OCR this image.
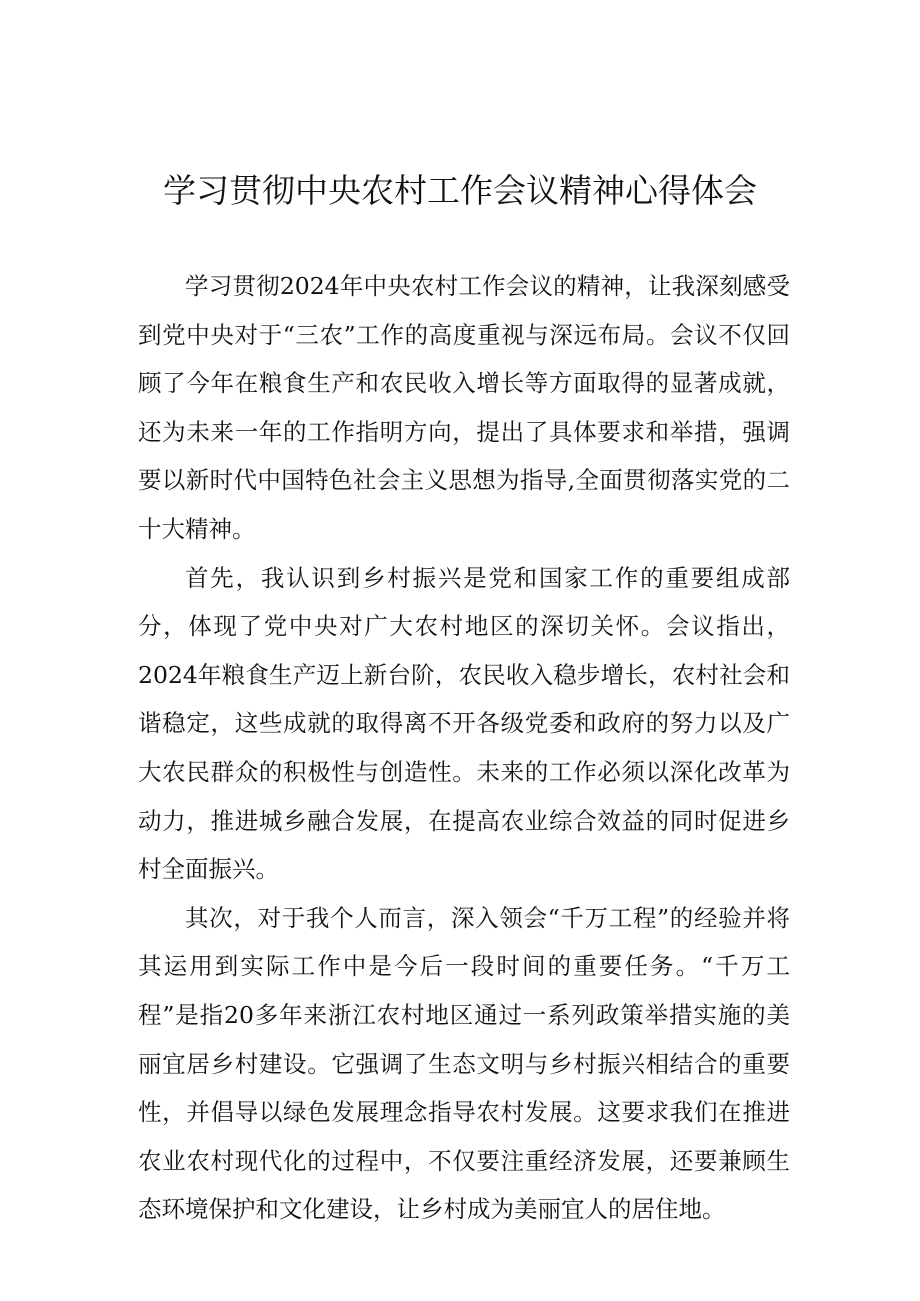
学习贯彻中央农村工作会议精神心得体会

学习贯彻2024年中央农村工作会议的精神，让我深刻感受到党中央对于“三农”工作的高度重视与深远布局。会议不仅回顾了今年在粮食生产和农民收入增长等方面取得的显著成就，还为未来一年的工作指明方向，提出了具体要求和举措，强调要以新时代中国特色社会主义思想为指导,全面贯彻落实党的二十大精神。

首先，我认识到乡村振兴是党和国家工作的重要组成部分，体现了党中央对广大农村地区的深切关怀。会议指出，2024年粮食生产迈上新台阶，农民收入稳步增长，农村社会和谐稳定，这些成就的取得离不开各级党委和政府的努力以及广大农民群众的积极性与创造性。未来的工作必须以深化改革为动力，推进城乡融合发展，在提高农业综合效益的同时促进乡村全面振兴。

其次，对于我个人而言，深入领会“千万工程”的经验并将其运用到实际工作中是今后一段时间的重要任务。“千万工程”是指20多年来浙江农村地区通过一系列政策举措实施的美丽宜居乡村建设。它强调了生态文明与乡村振兴相结合的重要性，并倡导以绿色发展理念指导农村发展。这要求我们在推进农业农村现代化的过程中，不仅要注重经济发展，还要兼顾生态环境保护和文化建设，让乡村成为美丽宜人的居住地。
